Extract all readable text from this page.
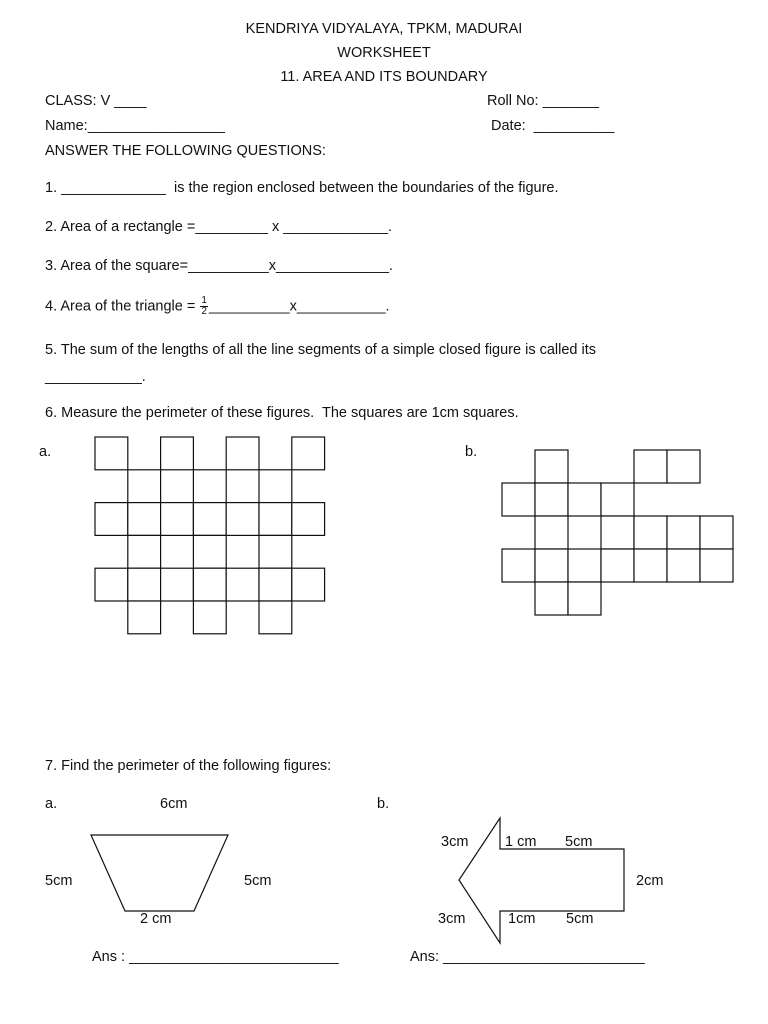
KENDRIYA VIDYALAYA, TPKM, MADURAI
WORKSHEET
11. AREA AND ITS BOUNDARY
CLASS: V ____	Roll No: _______
Name:_________________	Date:  __________
ANSWER THE FOLLOWING QUESTIONS:
1. _____________  is the region enclosed between the boundaries of the figure.
2. Area of a rectangle =_________ x _____________.
3. Area of the square=__________x______________.
4. Area of the triangle = $\frac{1}{2}$ __________x___________.
5. The sum of the lengths of all the line segments of a simple closed figure is called its
____________.
6. Measure the perimeter of these figures.  The squares are 1cm squares.
a.	b.
7. Find the perimeter of the following figures:
a.	b.
6cm
5cm	5cm
2 cm
Ans : __________________________
3cm	1 cm 5cm
2cm
3cm	1cm 5cm
Ans: _________________________
